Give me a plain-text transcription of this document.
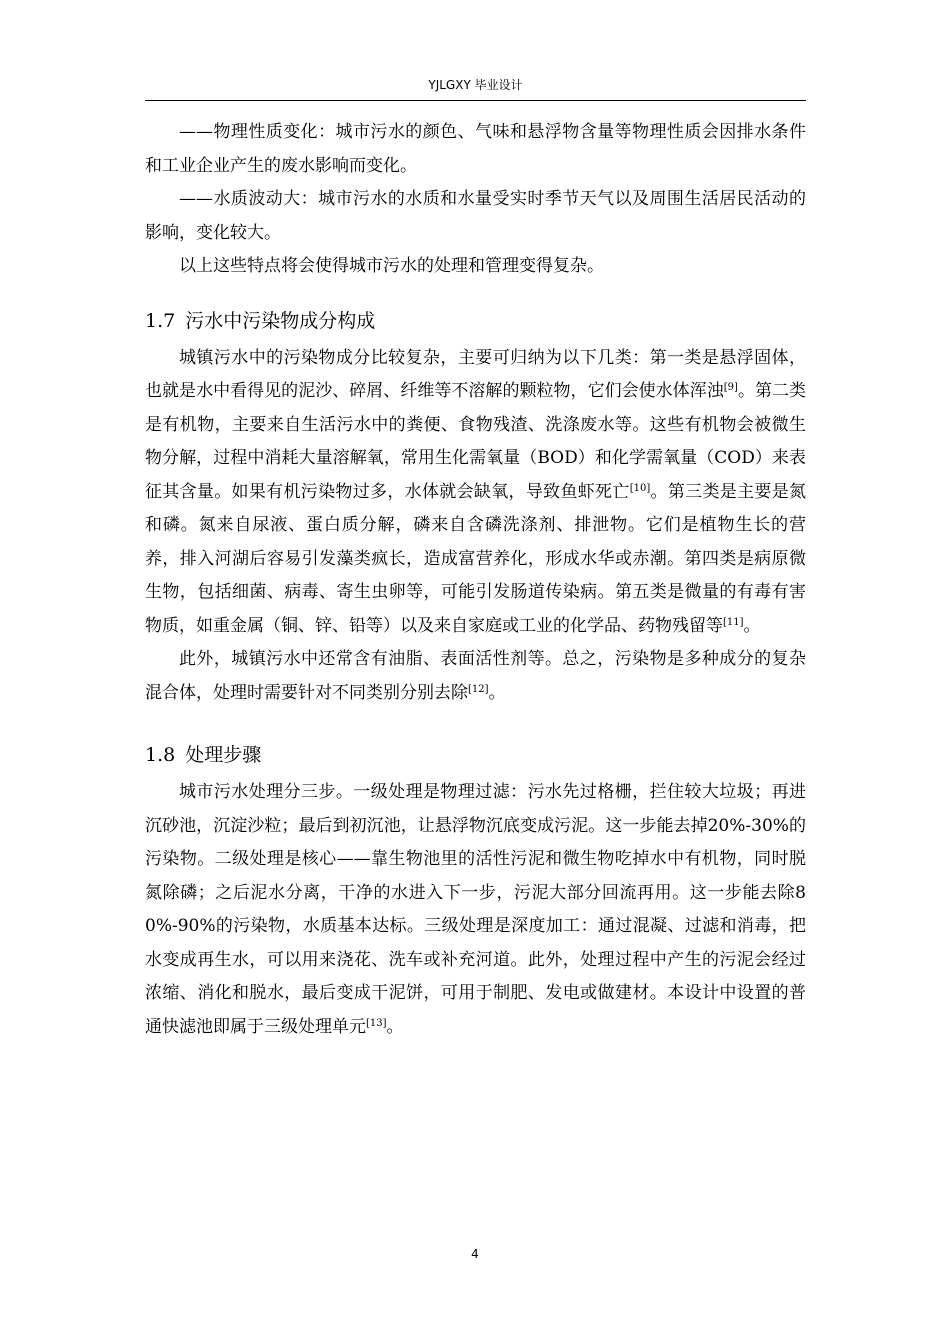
YJLGXY 毕业设计

——物理性质变化：城市污水的颜色、气味和悬浮物含量等物理性质会因排水条件和工业企业产生的废水影响而变化。

——水质波动大：城市污水的水质和水量受实时季节天气以及周围生活居民活动的影响，变化较大。

以上这些特点将会使得城市污水的处理和管理变得复杂。

1.7 污水中污染物成分构成

城镇污水中的污染物成分比较复杂，主要可归纳为以下几类：第一类是悬浮固体，也就是水中看得见的泥沙、碎屑、纤维等不溶解的颗粒物，它们会使水体浑浊[9]。第二类是有机物，主要来自生活污水中的粪便、食物残渣、洗涤废水等。这些有机物会被微生物分解，过程中消耗大量溶解氧，常用生化需氧量（BOD）和化学需氧量（COD）来表征其含量。如果有机污染物过多，水体就会缺氧，导致鱼虾死亡[10]。第三类是主要是氮和磷。氮来自尿液、蛋白质分解，磷来自含磷洗涤剂、排泄物。它们是植物生长的营养，排入河湖后容易引发藻类疯长，造成富营养化，形成水华或赤潮。第四类是病原微生物，包括细菌、病毒、寄生虫卵等，可能引发肠道传染病。第五类是微量的有毒有害物质，如重金属（铜、锌、铅等）以及来自家庭或工业的化学品、药物残留等[11]。

此外，城镇污水中还常含有油脂、表面活性剂等。总之，污染物是多种成分的复杂混合体，处理时需要针对不同类别分别去除[12]。

1.8 处理步骤

城市污水处理分三步。一级处理是物理过滤：污水先过格栅，拦住较大垃圾；再进沉砂池，沉淀沙粒；最后到初沉池，让悬浮物沉底变成污泥。这一步能去掉20%-30%的污染物。二级处理是核心——靠生物池里的活性污泥和微生物吃掉水中有机物，同时脱氮除磷；之后泥水分离，干净的水进入下一步，污泥大部分回流再用。这一步能去除80%-90%的污染物，水质基本达标。三级处理是深度加工：通过混凝、过滤和消毒，把水变成再生水，可以用来浇花、洗车或补充河道。此外，处理过程中产生的污泥会经过浓缩、消化和脱水，最后变成干泥饼，可用于制肥、发电或做建材。本设计中设置的普通快滤池即属于三级处理单元[13]。

4
